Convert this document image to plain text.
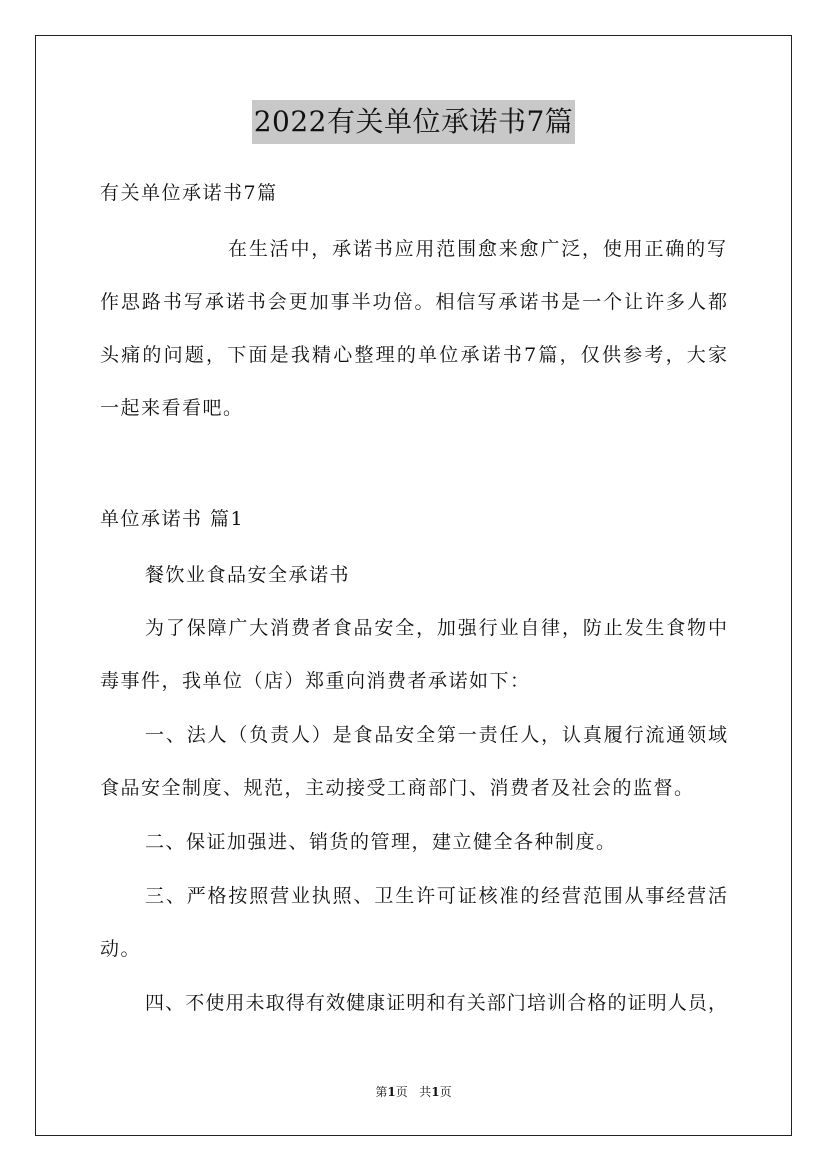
2022有关单位承诺书7篇
有关单位承诺书7篇
在生活中，承诺书应用范围愈来愈广泛，使用正确的写
作思路书写承诺书会更加事半功倍。相信写承诺书是一个让许多人都
头痛的问题，下面是我精心整理的单位承诺书7篇，仅供参考，大家
一起来看看吧。
单位承诺书 篇1
餐饮业食品安全承诺书
为了保障广大消费者食品安全，加强行业自律，防止发生食物中
毒事件，我单位（店）郑重向消费者承诺如下：
一、法人（负责人）是食品安全第一责任人，认真履行流通领域
食品安全制度、规范，主动接受工商部门、消费者及社会的监督。
二、保证加强进、销货的管理，建立健全各种制度。
三、严格按照营业执照、卫生许可证核准的经营范围从事经营活
动。
四、不使用未取得有效健康证明和有关部门培训合格的证明人员，
第1页 共1页
